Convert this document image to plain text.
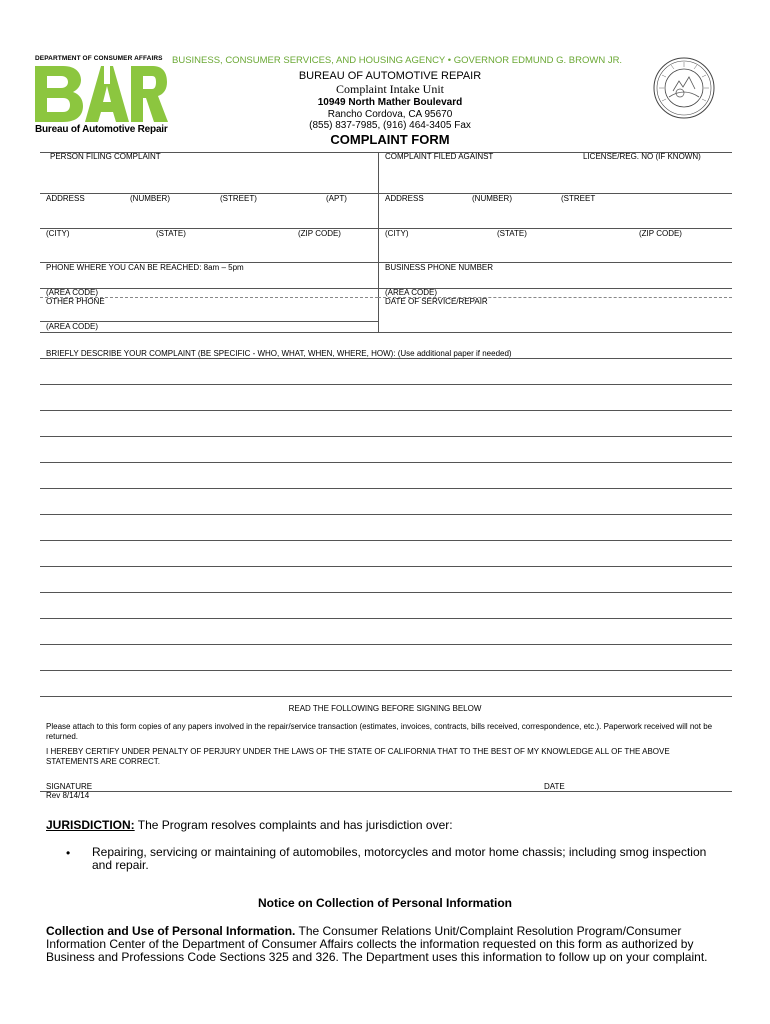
DEPARTMENT OF CONSUMER AFFAIRS
Bureau of Automotive Repair
BUSINESS, CONSUMER SERVICES, AND HOUSING AGENCY • GOVERNOR EDMUND G. BROWN JR.
BUREAU OF AUTOMOTIVE REPAIR
Complaint Intake Unit
10949 North Mather Boulevard
Rancho Cordova, CA 95670
(855) 837-7985, (916) 464-3405 Fax
COMPLAINT FORM
PERSON FILING COMPLAINT
ADDRESS	(NUMBER)	(STREET)	(APT)
(CITY)	(STATE)	(ZIP CODE)
PHONE WHERE YOU CAN BE REACHED: 8am – 5pm
(AREA CODE)
OTHER PHONE
(AREA CODE)
COMPLAINT FILED AGAINST	LICENSE/REG. NO (IF KNOWN)
ADDRESS	(NUMBER)	(STREET
(CITY)	(STATE)	(ZIP CODE)
BUSINESS PHONE NUMBER
(AREA CODE)
DATE OF SERVICE/REPAIR
BRIEFLY DESCRIBE YOUR COMPLAINT (BE SPECIFIC - WHO, WHAT, WHEN, WHERE, HOW): (Use additional paper if needed)
READ THE FOLLOWING BEFORE SIGNING BELOW
Please attach to this form copies of any papers involved in the repair/service transaction (estimates, invoices, contracts, bills received, correspondence, etc.). Paperwork received will not be returned.
I HEREBY CERTIFY UNDER PENALTY OF PERJURY UNDER THE LAWS OF THE STATE OF CALIFORNIA THAT TO THE BEST OF MY KNOWLEDGE ALL OF THE ABOVE STATEMENTS ARE CORRECT.
SIGNATURE	DATE
Rev 8/14/14
JURISDICTION: The Program resolves complaints and has jurisdiction over:
• Repairing, servicing or maintaining of automobiles, motorcycles and motor home chassis; including smog inspection and repair.
Notice on Collection of Personal Information
Collection and Use of Personal Information. The Consumer Relations Unit/Complaint Resolution Program/Consumer Information Center of the Department of Consumer Affairs collects the information requested on this form as authorized by Business and Professions Code Sections 325 and 326. The Department uses this information to follow up on your complaint.
